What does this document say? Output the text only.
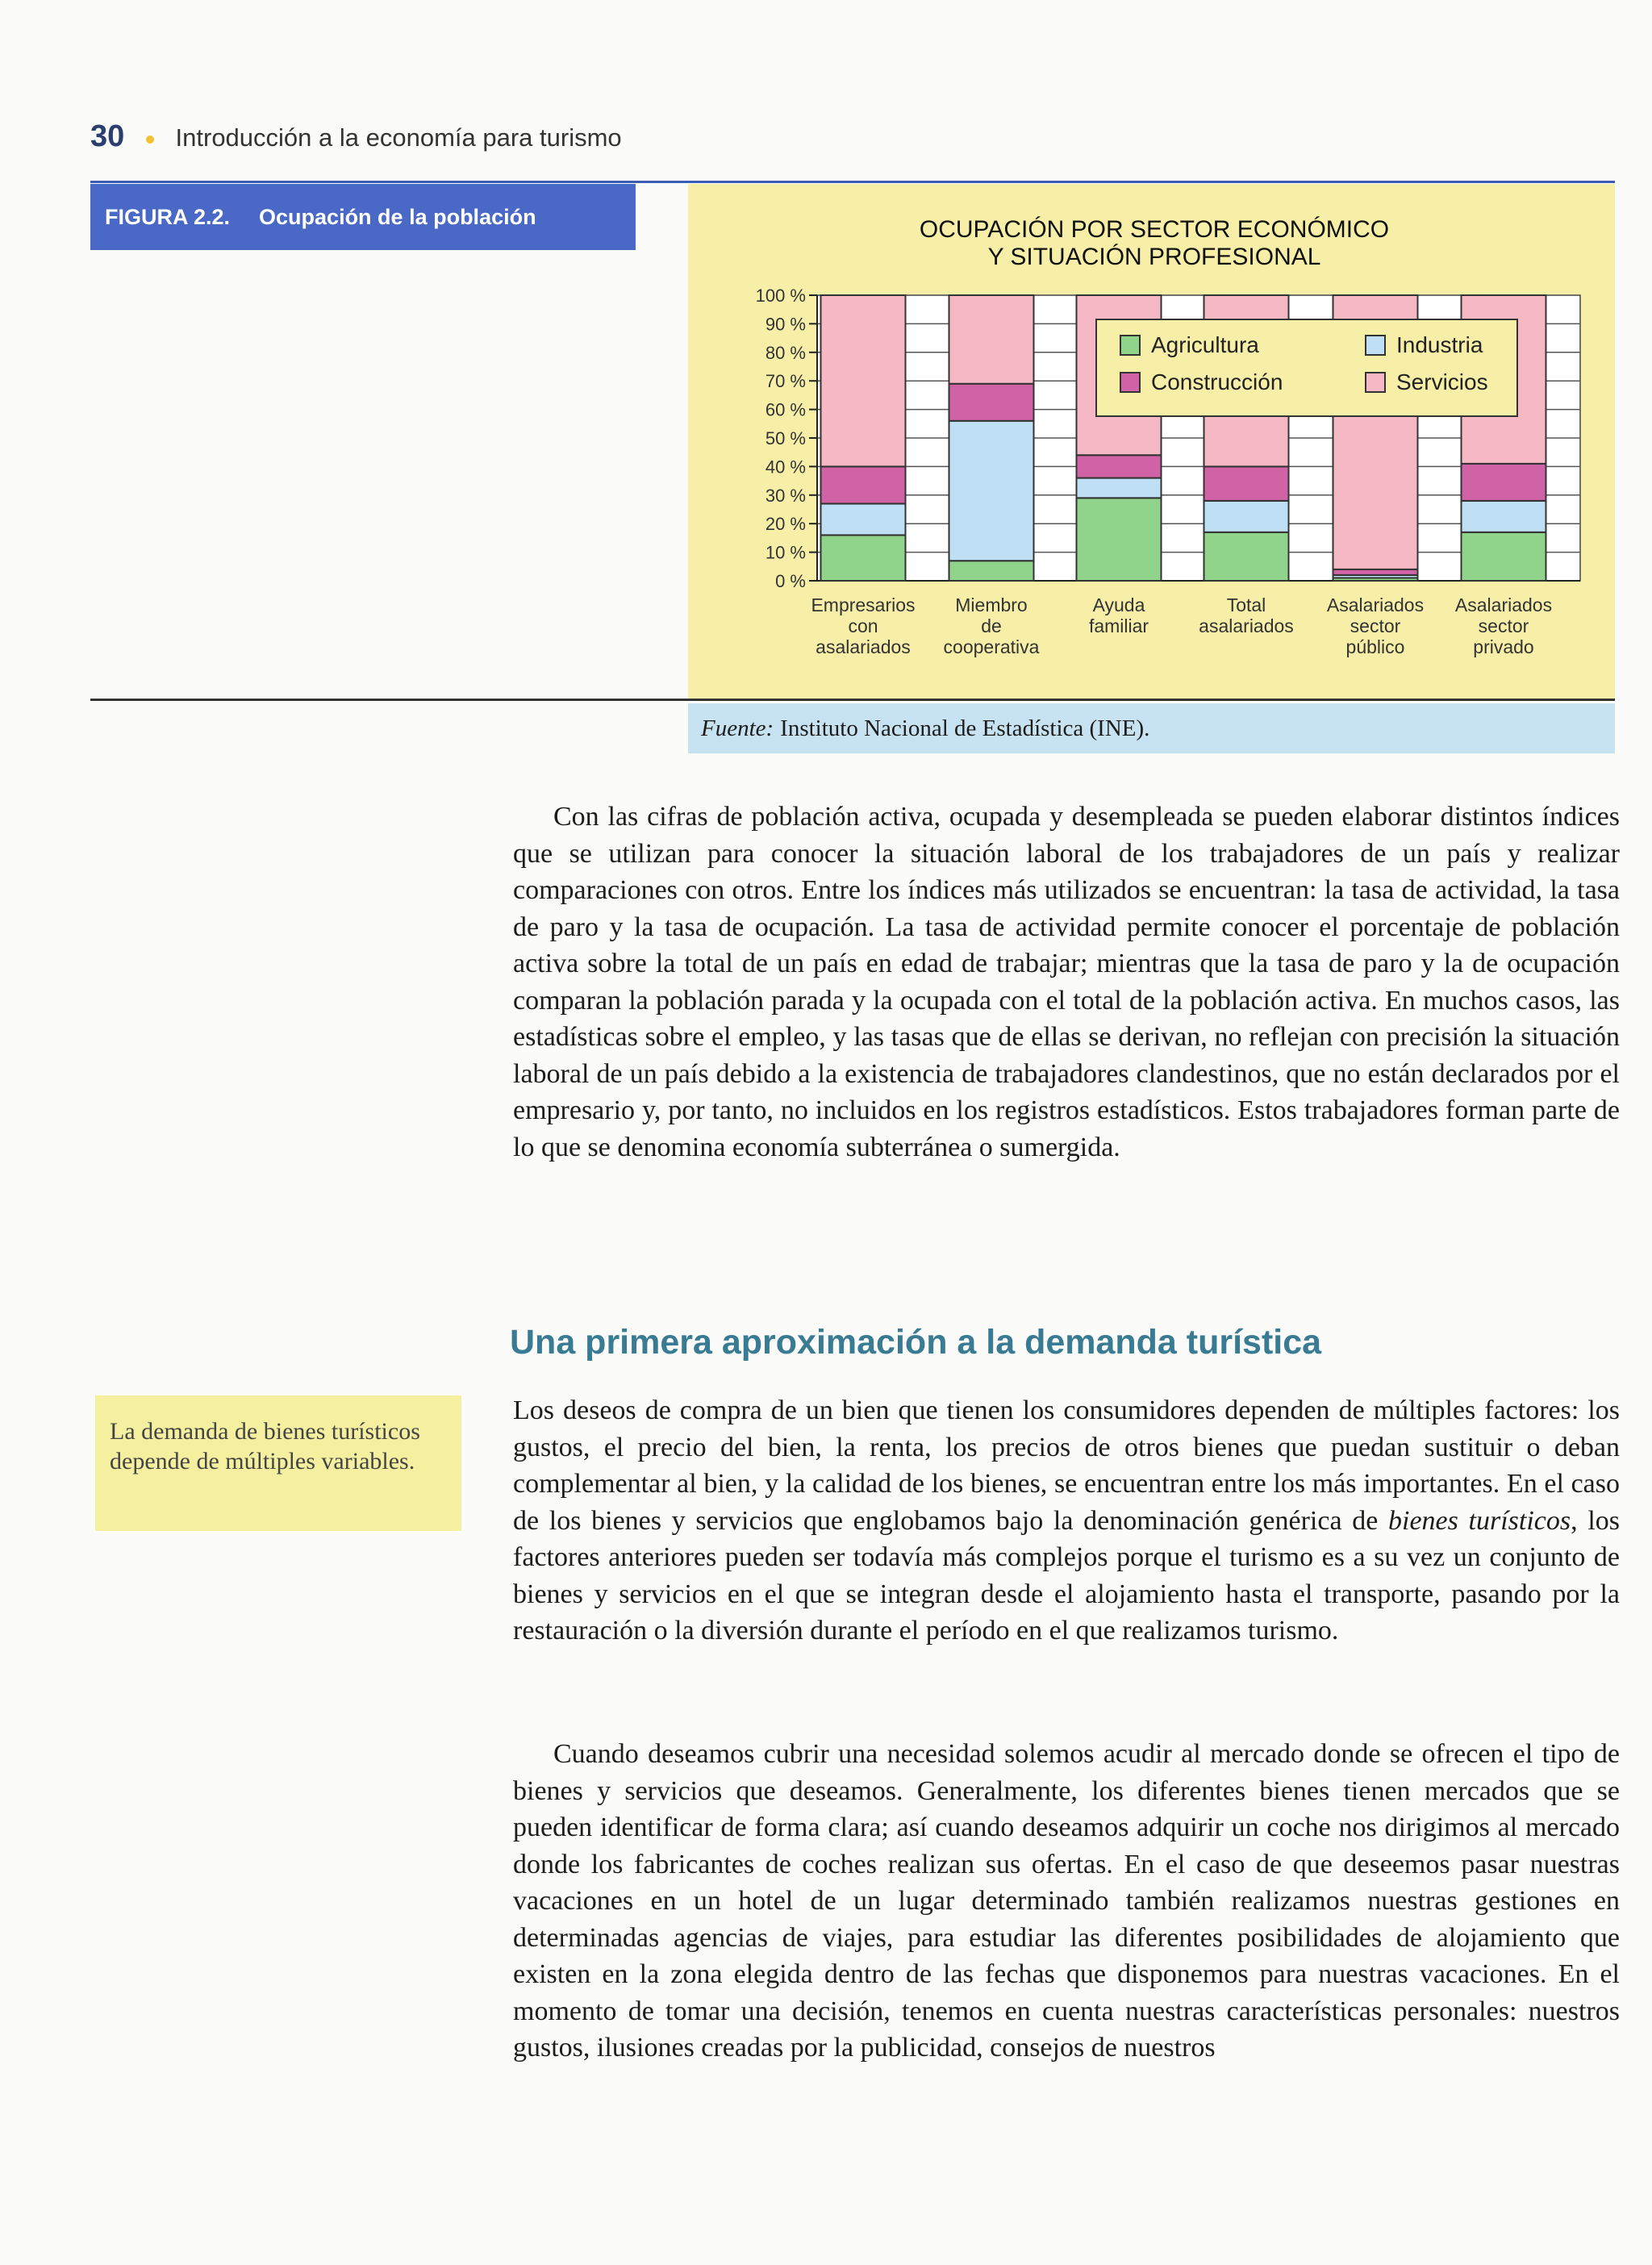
30 Introducción a la economía para turismo
FIGURA 2.2. Ocupación de la población	OCUPACIÓN POR SECTOR ECONÓMICO
Y SITUACIÓN PROFESIONAL
100 %
90 %
80 %
70 %
60 %
50 %
40 %
30 %
20 %
10 %
0 %
Empresarios
con
asalariados
Miembro
de
cooperativa
Ayuda
familiar
Total
asalariados
Asalariados
sector
público
Asalariados
sector
privado
Agricultura	Industria
Construcción	Servicios
Fuente: Instituto Nacional de Estadística (INE).
Con las cifras de población activa, ocupada y desempleada se pueden elaborar distintos índices que se utilizan para conocer la situación laboral de los trabajadores de un país y realizar comparaciones con otros. Entre los índices más utilizados se encuentran: la tasa de actividad, la tasa de paro y la tasa de ocupación. La tasa de actividad permite conocer el porcentaje de población activa sobre la total de un país en edad de trabajar; mientras que la tasa de paro y la de ocupación comparan la población parada y la ocupada con el total de la población activa. En muchos casos, las estadísticas sobre el empleo, y las tasas que de ellas se derivan, no reflejan con precisión la situación laboral de un país debido a la existencia de trabajadores clandestinos, que no están declarados por el empresario y, por tanto, no incluidos en los registros estadísticos. Estos trabajadores forman parte de lo que se denomina economía subterránea o sumergida.
Una primera aproximación a la demanda turística
La demanda de bienes turísticos depende de múltiples variables.
Los deseos de compra de un bien que tienen los consumidores dependen de múltiples factores: los gustos, el precio del bien, la renta, los precios de otros bienes que puedan sustituir o deban complementar al bien, y la calidad de los bienes, se encuentran entre los más importantes. En el caso de los bienes y servicios que englobamos bajo la denominación genérica de bienes turísticos, los factores anteriores pueden ser todavía más complejos porque el turismo es a su vez un conjunto de bienes y servicios en el que se integran desde el alojamiento hasta el transporte, pasando por la restauración o la diversión durante el período en el que realizamos turismo.
Cuando deseamos cubrir una necesidad solemos acudir al mercado donde se ofrecen el tipo de bienes y servicios que deseamos. Generalmente, los diferentes bienes tienen mercados que se pueden identificar de forma clara; así cuando deseamos adquirir un coche nos dirigimos al mercado donde los fabricantes de coches realizan sus ofertas. En el caso de que deseemos pasar nuestras vacaciones en un hotel de un lugar determinado también realizamos nuestras gestiones en determinadas agencias de viajes, para estudiar las diferentes posibilidades de alojamiento que existen en la zona elegida dentro de las fechas que disponemos para nuestras vacaciones. En el momento de tomar una decisión, tenemos en cuenta nuestras características personales: nuestros gustos, ilusiones creadas por la publicidad, consejos de nuestros
